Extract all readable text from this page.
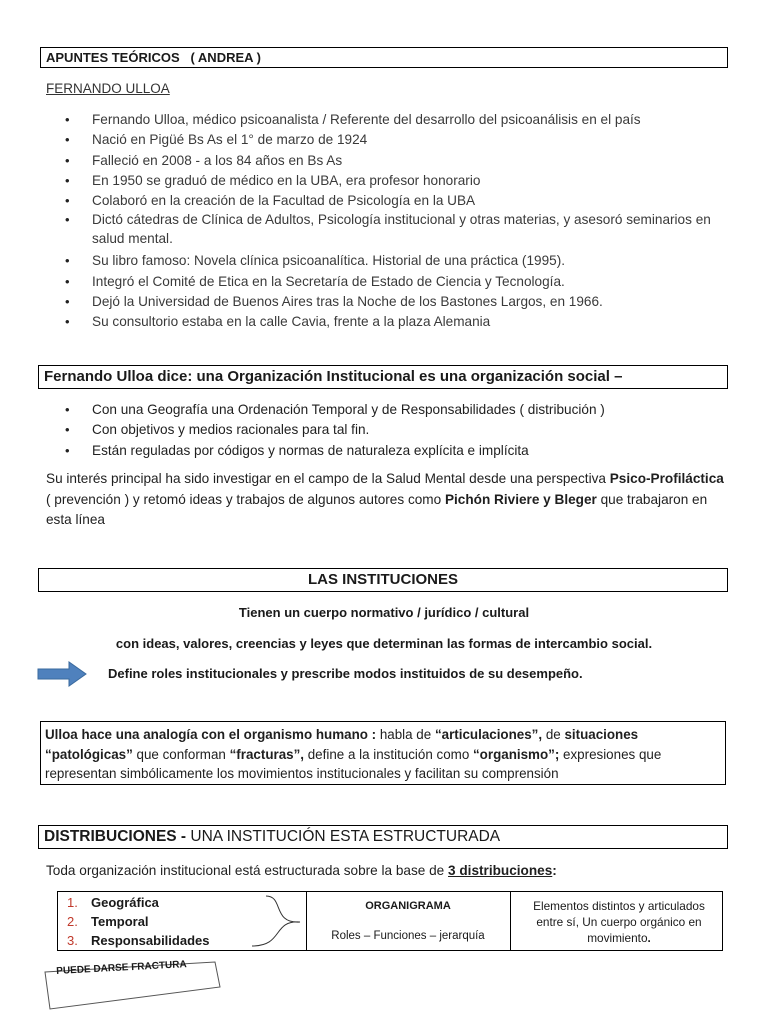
APUNTES TEÓRICOS   ( ANDREA )
FERNANDO ULLOA
• Fernando Ulloa, médico psicoanalista / Referente del desarrollo del psicoanálisis en el país
• Nació en Pigüé Bs As el 1° de marzo de 1924
• Falleció en 2008 - a los 84 años en Bs As
• En 1950 se graduó de médico en la UBA, era profesor honorario
• Colaboró en la creación de la Facultad de Psicología en la UBA
• Dictó cátedras de Clínica de Adultos, Psicología institucional y otras materias, y asesoró seminarios en salud mental.
• Su libro famoso: Novela clínica psicoanalítica. Historial de una práctica (1995).
• Integró el Comité de Etica en la Secretaría de Estado de Ciencia y Tecnología.
• Dejó la Universidad de Buenos Aires tras la Noche de los Bastones Largos, en 1966.
• Su consultorio estaba en la calle Cavia, frente a la plaza Alemania
Fernando Ulloa dice: una Organización Institucional es una organización social –
• Con una Geografía una Ordenación Temporal y de Responsabilidades ( distribución )
• Con objetivos y medios racionales para tal fin.
• Están reguladas por códigos y normas de naturaleza explícita e implícita
Su interés principal ha sido investigar en el campo de la Salud Mental desde una perspectiva Psico-Profiláctica ( prevención ) y retomó ideas y trabajos de algunos autores como Pichón Riviere y Bleger que trabajaron en esta línea
LAS INSTITUCIONES
Tienen un cuerpo normativo / jurídico / cultural
con ideas, valores, creencias y leyes que determinan las formas de intercambio social.
Define roles institucionales y prescribe modos instituidos de su desempeño.
Ulloa hace una analogía con el organismo humano : habla de “articulaciones”, de situaciones “patológicas” que conforman “fracturas”, define a la institución como “organismo”; expresiones que representan simbólicamente los movimientos institucionales y facilitan su comprensión
DISTRIBUCIONES - UNA INSTITUCIÓN ESTA ESTRUCTURADA
Toda organización institucional está estructurada sobre la base de 3 distribuciones:
1. Geográfica
2. Temporal
3. Responsabilidades
ORGANIGRAMA
Roles – Funciones – jerarquía
Elementos distintos y articulados entre sí, Un cuerpo orgánico en movimiento.
PUEDE DARSE FRACTURA
